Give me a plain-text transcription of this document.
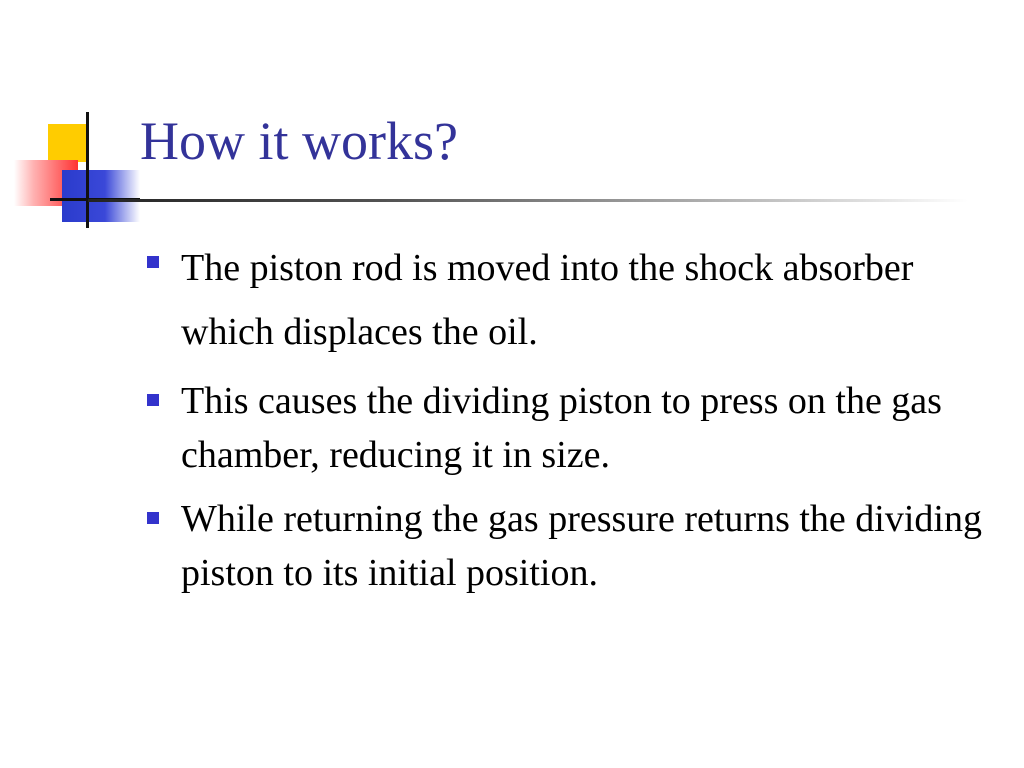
How it works?
The piston rod is moved into the shock absorber which displaces the oil.
This causes the dividing piston to press on the gas chamber, reducing it in size.
While returning the gas pressure returns the dividing piston to its initial position.
